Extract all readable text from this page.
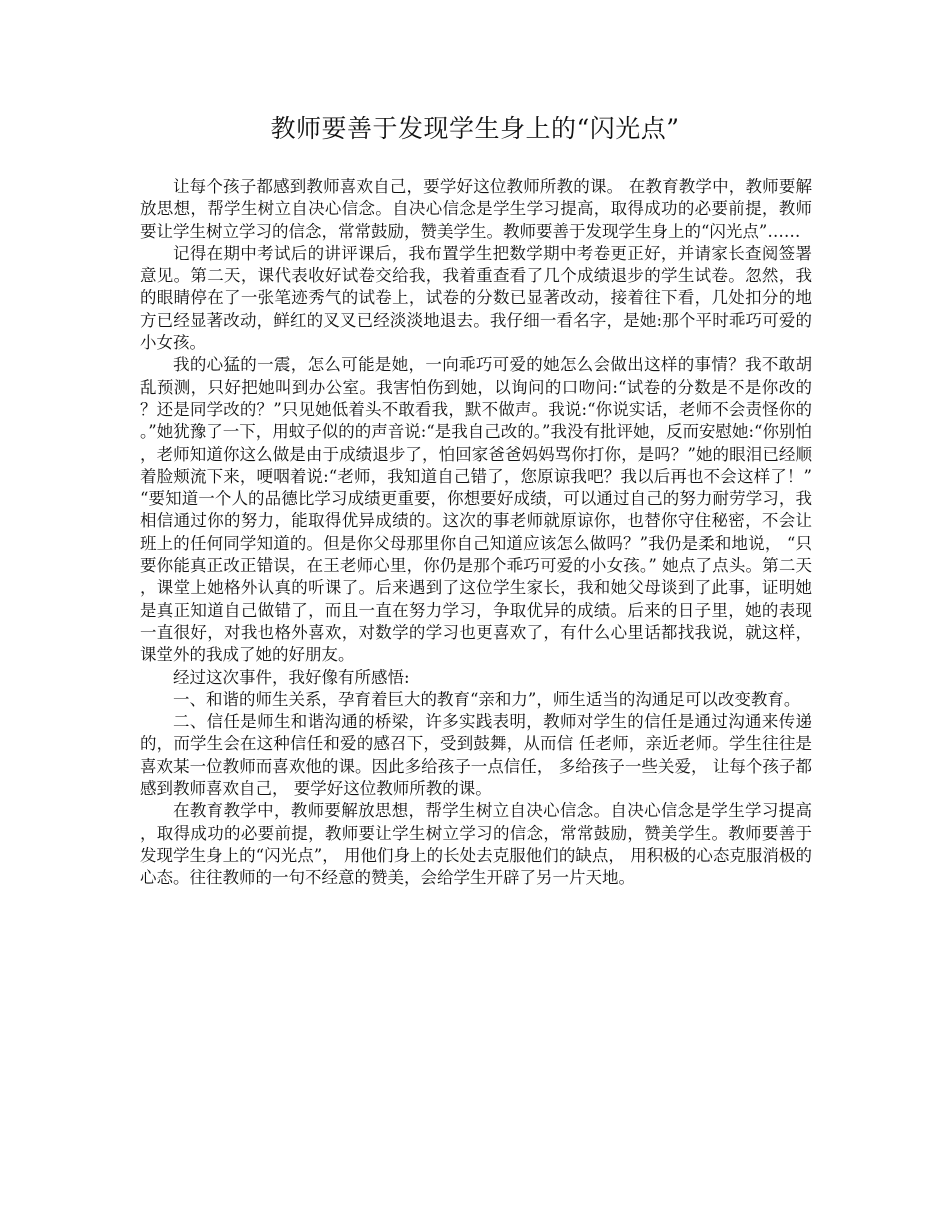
教师要善于发现学生身上的“闪光点”

让每个孩子都感到教师喜欢自己，要学好这位教师所教的课。 在教育教学中，教师要解放思想，帮学生树立自决心信念。自决心信念是学生学习提高，取得成功的必要前提，教师要让学生树立学习的信念，常常鼓励，赞美学生。教师要善于发现学生身上的“闪光点”……

记得在期中考试后的讲评课后，我布置学生把数学期中考卷更正好，并请家长查阅签署意见。第二天，课代表收好试卷交给我，我着重查看了几个成绩退步的学生试卷。忽然，我的眼睛停在了一张笔迹秀气的试卷上，试卷的分数已显著改动，接着往下看，几处扣分的地方已经显著改动，鲜红的叉叉已经淡淡地退去。我仔细一看名字，是她:那个平时乖巧可爱的小女孩。

我的心猛的一震，怎么可能是她，一向乖巧可爱的她怎么会做出这样的事情？我不敢胡乱预测，只好把她叫到办公室。我害怕伤到她，以询问的口吻问:“试卷的分数是不是你改的？还是同学改的？”只见她低着头不敢看我，默不做声。我说:“你说实话，老师不会责怪你的。”她犹豫了一下，用蚊子似的的声音说:“是我自己改的。”我没有批评她，反而安慰她:“你别怕，老师知道你这么做是由于成绩退步了，怕回家爸爸妈妈骂你打你，是吗？”她的眼泪已经顺着脸颊流下来，哽咽着说:“老师，我知道自己错了，您原谅我吧？我以后再也不会这样了！”“要知道一个人的品德比学习成绩更重要，你想要好成绩，可以通过自己的努力耐劳学习，我相信通过你的努力，能取得优异成绩的。这次的事老师就原谅你，也替你守住秘密，不会让班上的任何同学知道的。但是你父母那里你自己知道应该怎么做吗？”我仍是柔和地说， “只要你能真正改正错误，在王老师心里，你仍是那个乖巧可爱的小女孩。” 她点了点头。第二天，课堂上她格外认真的听课了。后来遇到了这位学生家长，我和她父母谈到了此事，证明她是真正知道自己做错了，而且一直在努力学习，争取优异的成绩。后来的日子里，她的表现一直很好，对我也格外喜欢，对数学的学习也更喜欢了，有什么心里话都找我说，就这样，课堂外的我成了她的好朋友。

经过这次事件，我好像有所感悟:

一、和谐的师生关系，孕育着巨大的教育“亲和力”，师生适当的沟通足可以改变教育。

二、信任是师生和谐沟通的桥梁，许多实践表明，教师对学生的信任是通过沟通来传递的，而学生会在这种信任和爱的感召下，受到鼓舞，从而信 任老师，亲近老师。学生往往是喜欢某一位教师而喜欢他的课。因此多给孩子一点信任， 多给孩子一些关爱， 让每个孩子都感到教师喜欢自己， 要学好这位教师所教的课。

在教育教学中，教师要解放思想，帮学生树立自决心信念。自决心信念是学生学习提高，取得成功的必要前提，教师要让学生树立学习的信念，常常鼓励，赞美学生。教师要善于发现学生身上的“闪光点”， 用他们身上的长处去克服他们的缺点， 用积极的心态克服消极的心态。往往教师的一句不经意的赞美，会给学生开辟了另一片天地。
